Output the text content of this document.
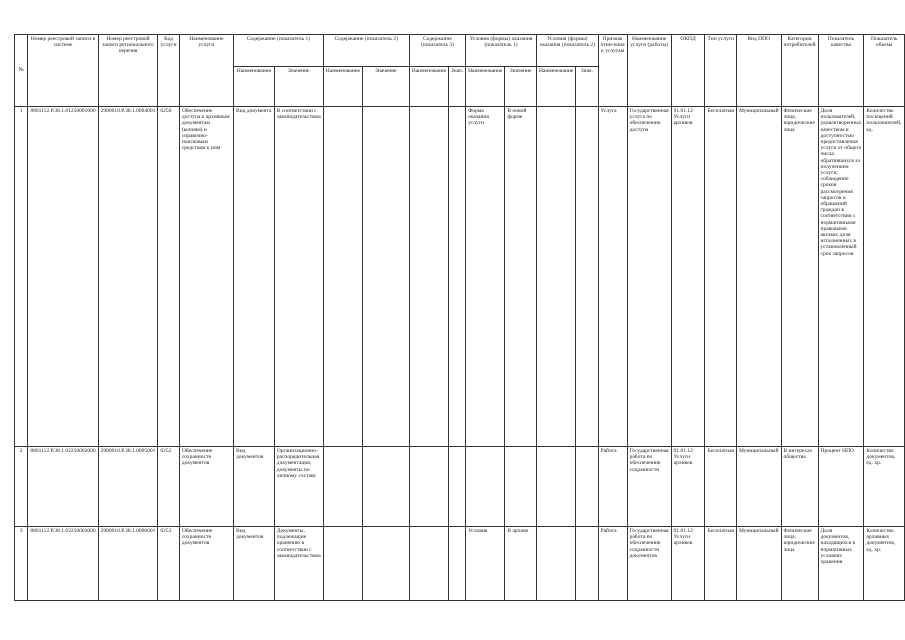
№	Номер реестровой записи в системе	Номер реестровой записи регионального перечня	Код услуги	Наименование услуги	Содержание (показатель 1)		Содержание (показатель 2)		Содержание (показатель 3)		Условия (формы) оказания (показатель 1)		Условия (формы) оказания (показатель 2)		Признак отнесения к услугам	Наименование услуги (работы)	ОКПД	Тип услуги	Вид ППО	Категории потребителей	Показатель качества	Показатель объема
					Наименование	Значение	Наименование	Значение	Наименование	Знач.	Наименование	Значение	Наименование	Знач.								
1	8801112.P.38.1.01250001000	2980010.P.38.1.0004001	0250	Обеспечение доступа к архивным документам (копиям) и справочно-поисковым средствам к ним	Вид документа	В соответствии с законодательством					Форма оказания услуги	В очной форме			Услуга	Государственная услуга по обеспечению доступа	91.01.12 Услуги архивов	Бесплатная	Муниципальный	Физические лица, юридические лица	Доля пользователей, удовлетворенных качеством и доступностью предоставления услуги от общего числа обратившихся за получением услуги; соблюдение сроков рассмотрения запросов и обращений граждан в соответствии с нормативными правовыми актами; доля исполненных в установленный срок запросов	Количество посещений пользователей, ед.
2	8801112.P.38.1.02250002000	2980010.P.38.1.0005001	0252	Обеспечение сохранности документов	Вид документов	Организационно-распорядительная документация, документы по личному составу									Работа	Государственная работа по обеспечению сохранности	91.01.12 Услуги архивов	Бесплатная	Муниципальный	В интересах общества	Процент НПО	Количество документов, ед. хр.
3	8801112.P.38.1.03250003000	2980010.P.38.1.0006001	0253	Обеспечение сохранности документов	Вид документов	Документы, подлежащие хранению в соответствии с законодательством					Условия	В архиве			Работа	Государственная работа по обеспечению сохранности документов	91.01.12 Услуги архивов	Бесплатная	Муниципальный	Физические лица, юридические лица	Доля документов, находящихся в нормативных условиях хранения	Количество архивных документов, ед. хр.
